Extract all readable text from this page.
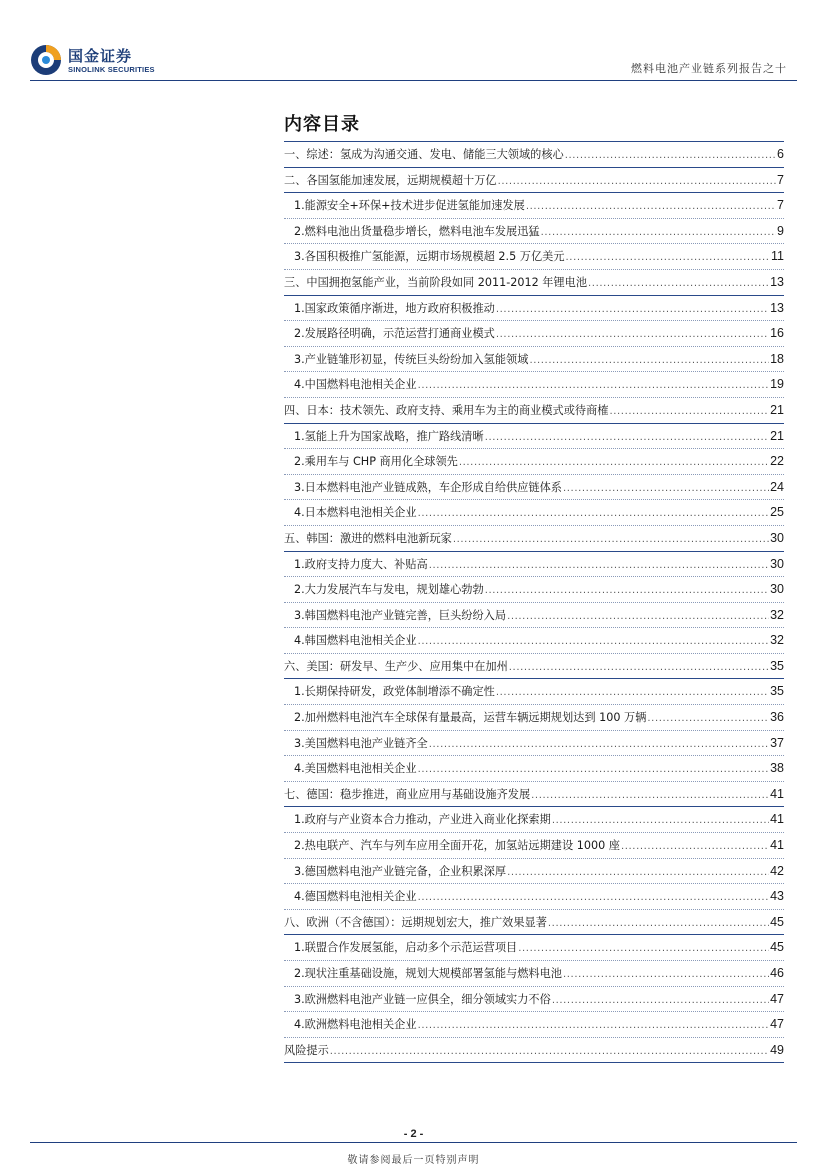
国金证券
SINOLINK SECURITIES	燃料电池产业链系列报告之十
内容目录
一、综述：氢成为沟通交通、发电、储能三大领域的核心 .....	6
二、各国氢能加速发展，远期规模超十万亿 .....	7
1.能源安全+环保+技术进步促进氢能加速发展 .....	7
2.燃料电池出货量稳步增长，燃料电池车发展迅猛 .....	9
3.各国积极推广氢能源，远期市场规模超 2.5 万亿美元 .....	11
三、中国拥抱氢能产业，当前阶段如同 2011-2012 年锂电池 .....	13
1.国家政策循序渐进，地方政府积极推动 .....	13
2.发展路径明确，示范运营打通商业模式 .....	16
3.产业链雏形初显，传统巨头纷纷加入氢能领域 .....	18
4.中国燃料电池相关企业 .....	19
四、日本：技术领先、政府支持、乘用车为主的商业模式或待商榷 .....	21
1.氢能上升为国家战略，推广路线清晰 .....	21
2.乘用车与 CHP 商用化全球领先 .....	22
3.日本燃料电池产业链成熟，车企形成自给供应链体系 .....	24
4.日本燃料电池相关企业 .....	25
五、韩国：激进的燃料电池新玩家 .....	30
1.政府支持力度大、补贴高 .....	30
2.大力发展汽车与发电，规划雄心勃勃 .....	30
3.韩国燃料电池产业链完善，巨头纷纷入局 .....	32
4.韩国燃料电池相关企业 .....	32
六、美国：研发早、生产少、应用集中在加州 .....	35
1.长期保持研发，政党体制增添不确定性 .....	35
2.加州燃料电池汽车全球保有量最高，运营车辆远期规划达到 100 万辆 .....	36
3.美国燃料电池产业链齐全 .....	37
4.美国燃料电池相关企业 .....	38
七、德国：稳步推进，商业应用与基础设施齐发展 .....	41
1.政府与产业资本合力推动，产业进入商业化探索期 .....	41
2.热电联产、汽车与列车应用全面开花，加氢站远期建设 1000 座 .....	41
3.德国燃料电池产业链完备，企业积累深厚 .....	42
4.德国燃料电池相关企业 .....	43
八、欧洲（不含德国）：远期规划宏大，推广效果显著 .....	45
1.联盟合作发展氢能，启动多个示范运营项目 .....	45
2.现状注重基础设施，规划大规模部署氢能与燃料电池 .....	46
3.欧洲燃料电池产业链一应俱全，细分领域实力不俗 .....	47
4.欧洲燃料电池相关企业 .....	47
风险提示 .....	49
- 2 -
敬请参阅最后一页特别声明
